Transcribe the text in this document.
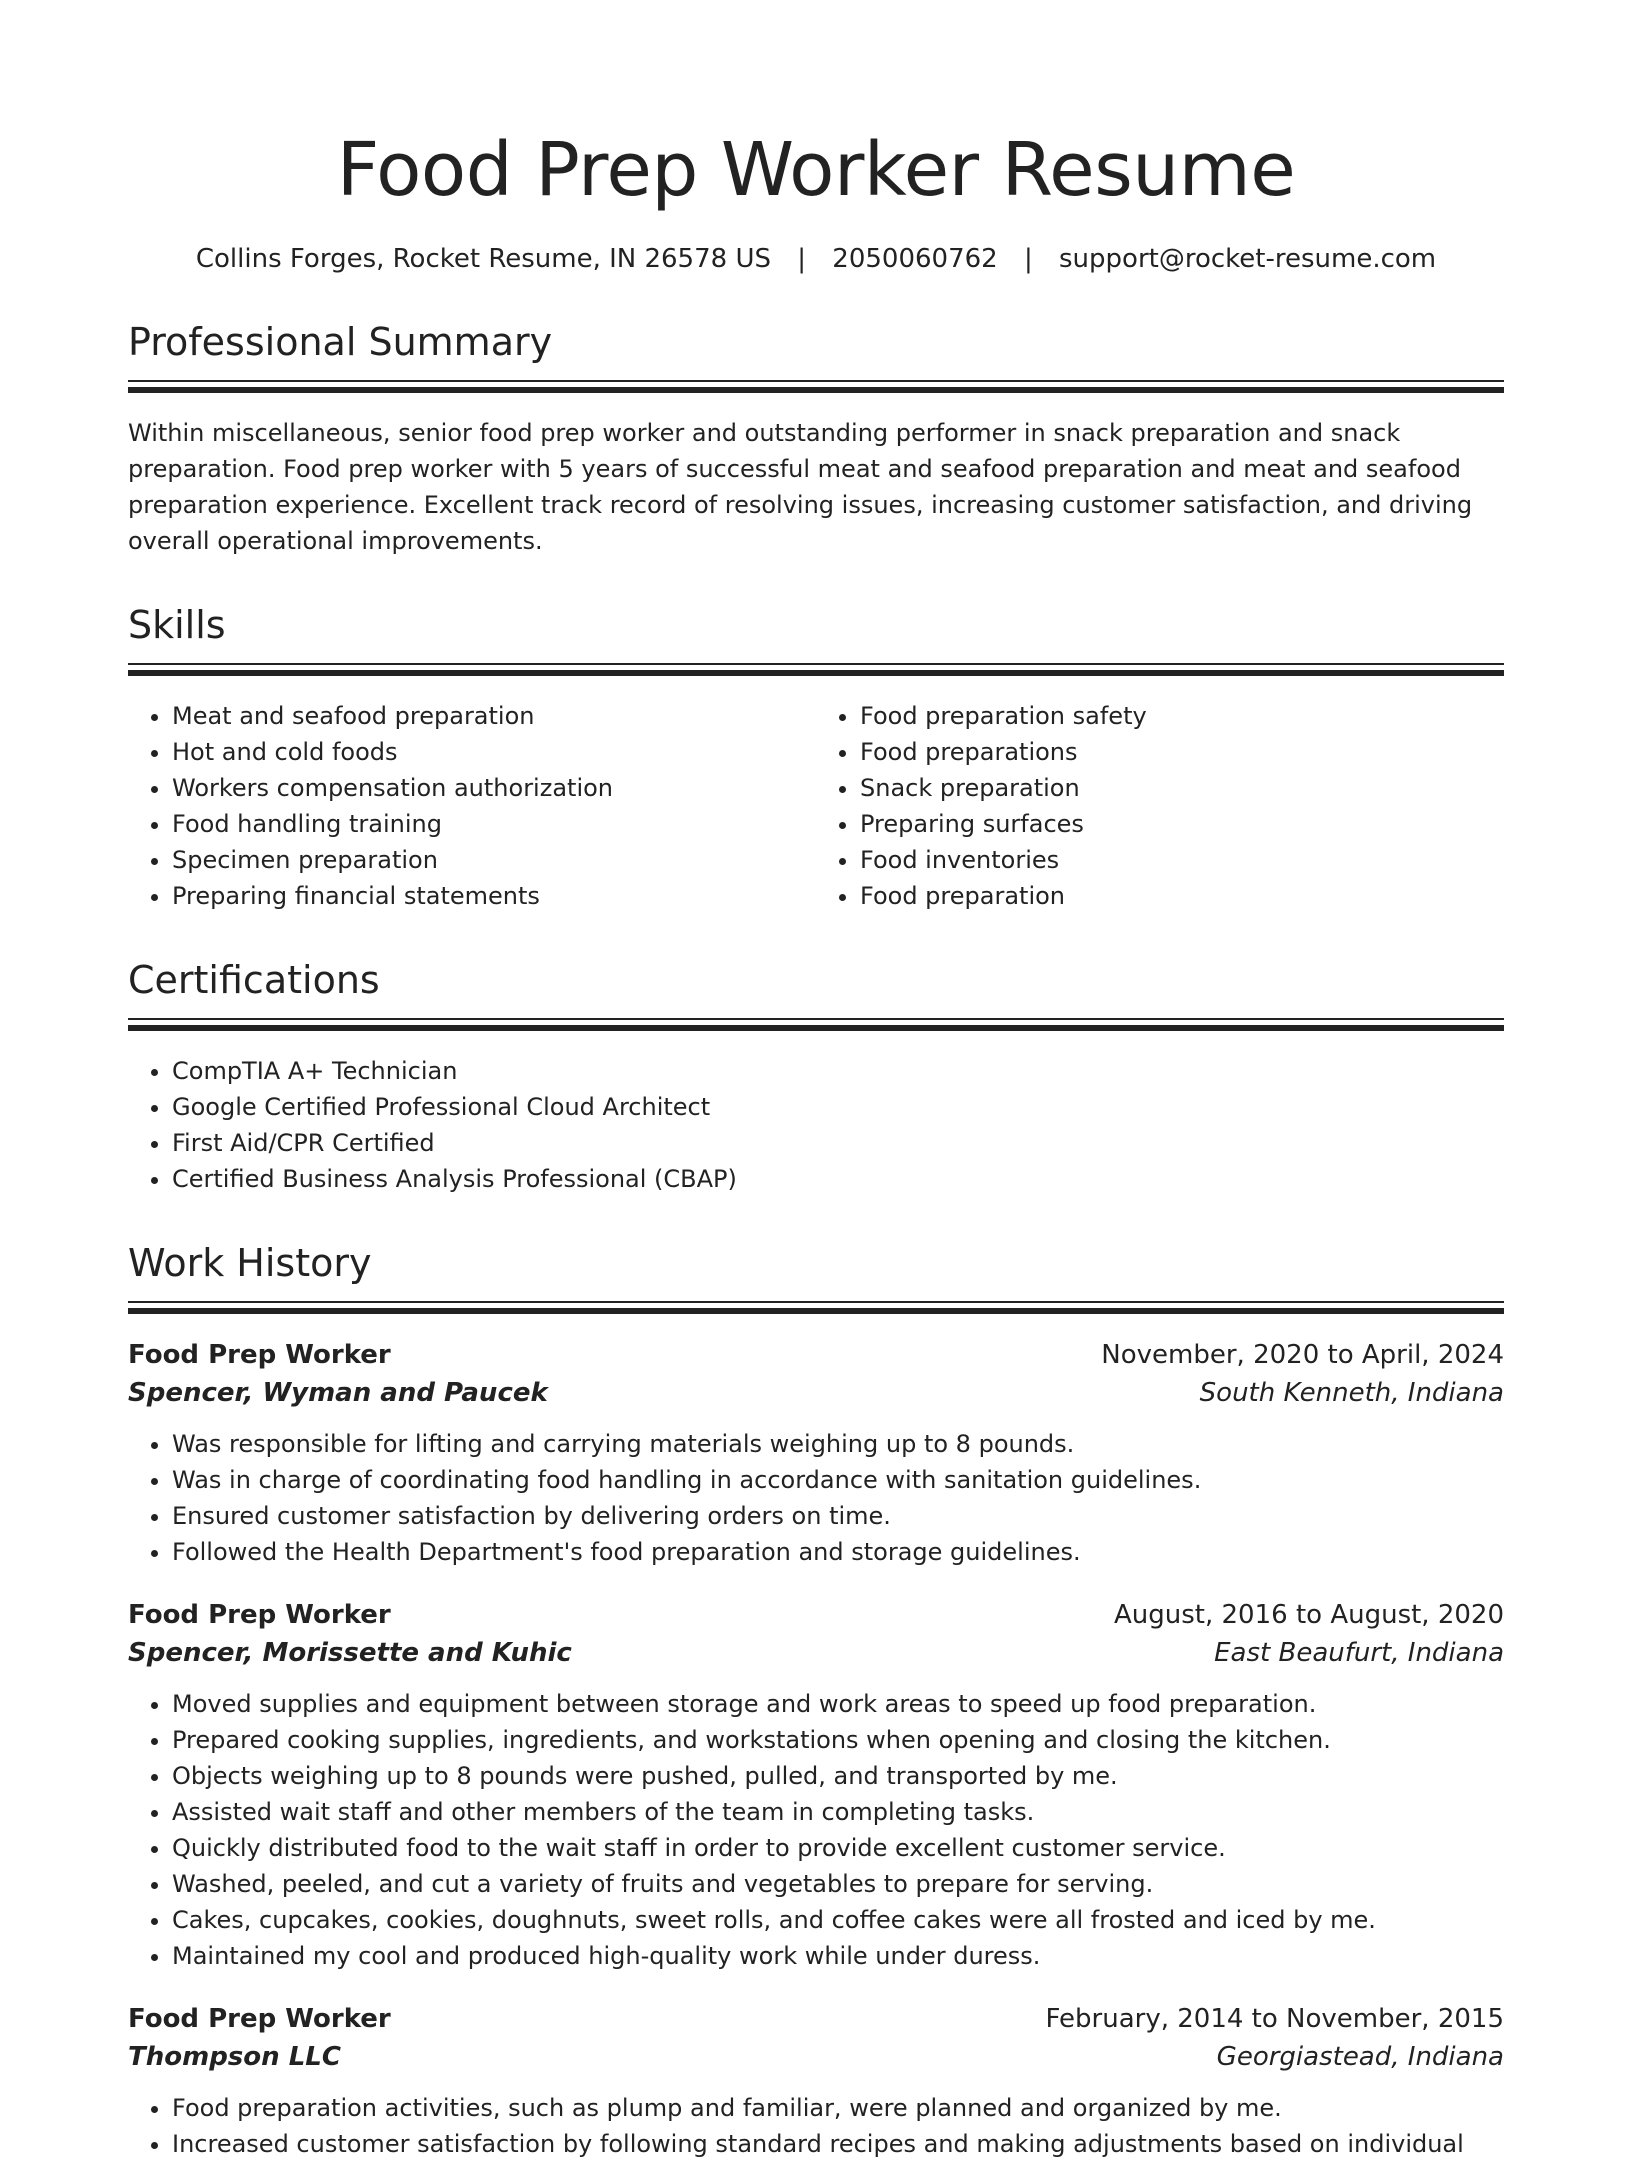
Food Prep Worker Resume
Collins Forges, Rocket Resume, IN 26578 US | 2050060762 | support@rocket-resume.com
Professional Summary

Within miscellaneous, senior food prep worker and outstanding performer in snack preparation and snack preparation. Food prep worker with 5 years of successful meat and seafood preparation and meat and seafood preparation experience. Excellent track record of resolving issues, increasing customer satisfaction, and driving overall operational improvements.

Skills
• Meat and seafood preparation
• Hot and cold foods
• Workers compensation authorization
• Food handling training
• Specimen preparation
• Preparing financial statements
• Food preparation safety
• Food preparations
• Snack preparation
• Preparing surfaces
• Food inventories
• Food preparation
Certifications
• CompTIA A+ Technician
• Google Certified Professional Cloud Architect
• First Aid/CPR Certified
• Certified Business Analysis Professional (CBAP)
Work History
Food Prep Worker	November, 2020 to April, 2024
Spencer, Wyman and Paucek	South Kenneth, Indiana
• Was responsible for lifting and carrying materials weighing up to 8 pounds.
• Was in charge of coordinating food handling in accordance with sanitation guidelines.
• Ensured customer satisfaction by delivering orders on time.
• Followed the Health Department's food preparation and storage guidelines.
Food Prep Worker	August, 2016 to August, 2020
Spencer, Morissette and Kuhic	East Beaufurt, Indiana
• Moved supplies and equipment between storage and work areas to speed up food preparation.
• Prepared cooking supplies, ingredients, and workstations when opening and closing the kitchen.
• Objects weighing up to 8 pounds were pushed, pulled, and transported by me.
• Assisted wait staff and other members of the team in completing tasks.
• Quickly distributed food to the wait staff in order to provide excellent customer service.
• Washed, peeled, and cut a variety of fruits and vegetables to prepare for serving.
• Cakes, cupcakes, cookies, doughnuts, sweet rolls, and coffee cakes were all frosted and iced by me.
• Maintained my cool and produced high-quality work while under duress.
Food Prep Worker	February, 2014 to November, 2015
Thompson LLC	Georgiastead, Indiana
• Food preparation activities, such as plump and familiar, were planned and organized by me.
• Increased customer satisfaction by following standard recipes and making adjustments based on individual
